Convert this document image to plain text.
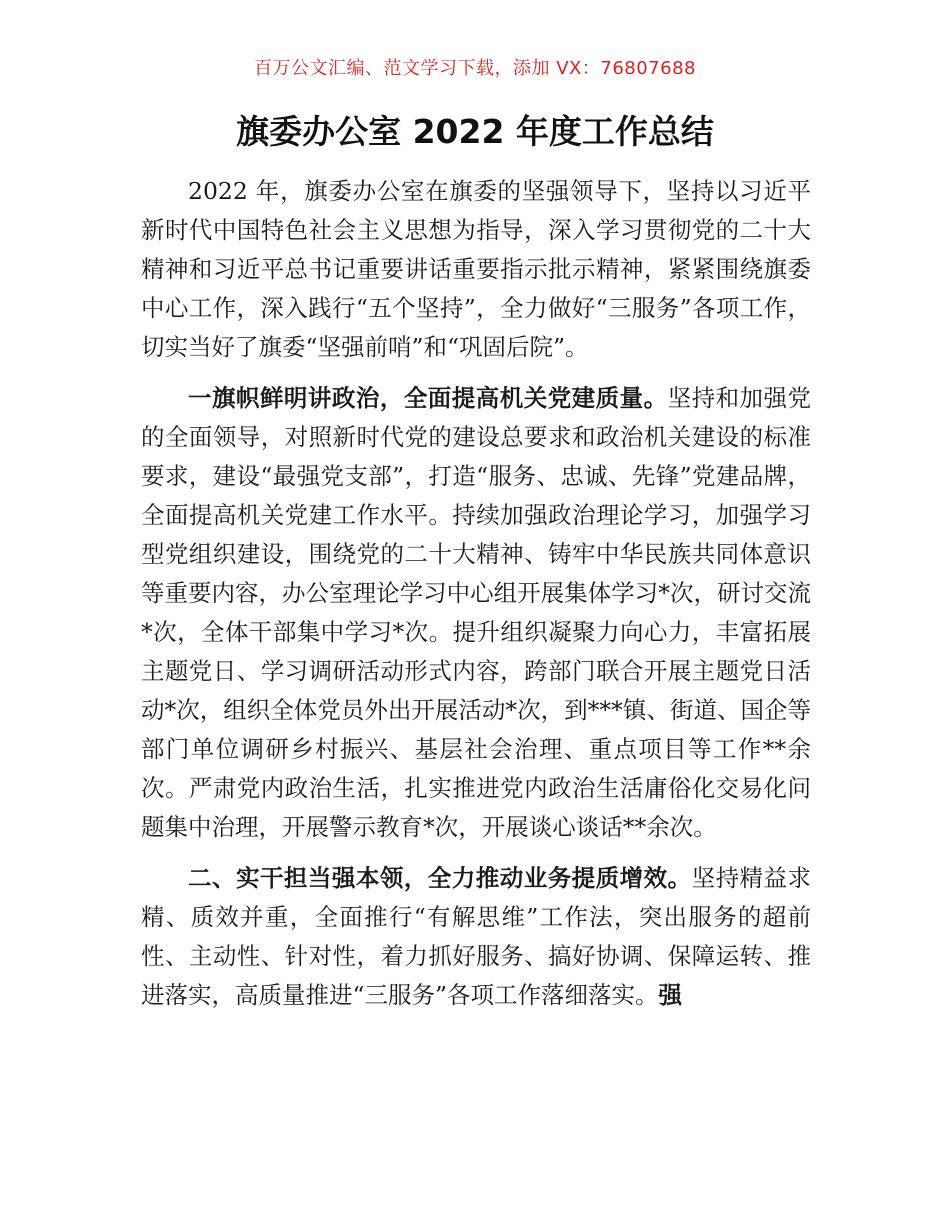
百万公文汇编、范文学习下载，添加 VX：76807688
旗委办公室 2022 年度工作总结

2022 年，旗委办公室在旗委的坚强领导下，坚持以习近平新时代中国特色社会主义思想为指导，深入学习贯彻党的二十大精神和习近平总书记重要讲话重要指示批示精神，紧紧围绕旗委中心工作，深入践行“五个坚持”，全力做好“三服务”各项工作，切实当好了旗委“坚强前哨”和“巩固后院”。

一旗帜鲜明讲政治，全面提高机关党建质量。坚持和加强党的全面领导，对照新时代党的建设总要求和政治机关建设的标准要求，建设“最强党支部”，打造“服务、忠诚、先锋”党建品牌，全面提高机关党建工作水平。持续加强政治理论学习，加强学习型党组织建设，围绕党的二十大精神、铸牢中华民族共同体意识等重要内容，办公室理论学习中心组开展集体学习*次，研讨交流*次，全体干部集中学习*次。提升组织凝聚力向心力，丰富拓展主题党日、学习调研活动形式内容，跨部门联合开展主题党日活动*次，组织全体党员外出开展活动*次，到***镇、街道、国企等部门单位调研乡村振兴、基层社会治理、重点项目等工作**余次。严肃党内政治生活，扎实推进党内政治生活庸俗化交易化问题集中治理，开展警示教育*次，开展谈心谈话**余次。

二、实干担当强本领，全力推动业务提质增效。坚持精益求精、质效并重，全面推行“有解思维”工作法，突出服务的超前性、主动性、针对性，着力抓好服务、搞好协调、保障运转、推进落实，高质量推进“三服务”各项工作落细落实。强
